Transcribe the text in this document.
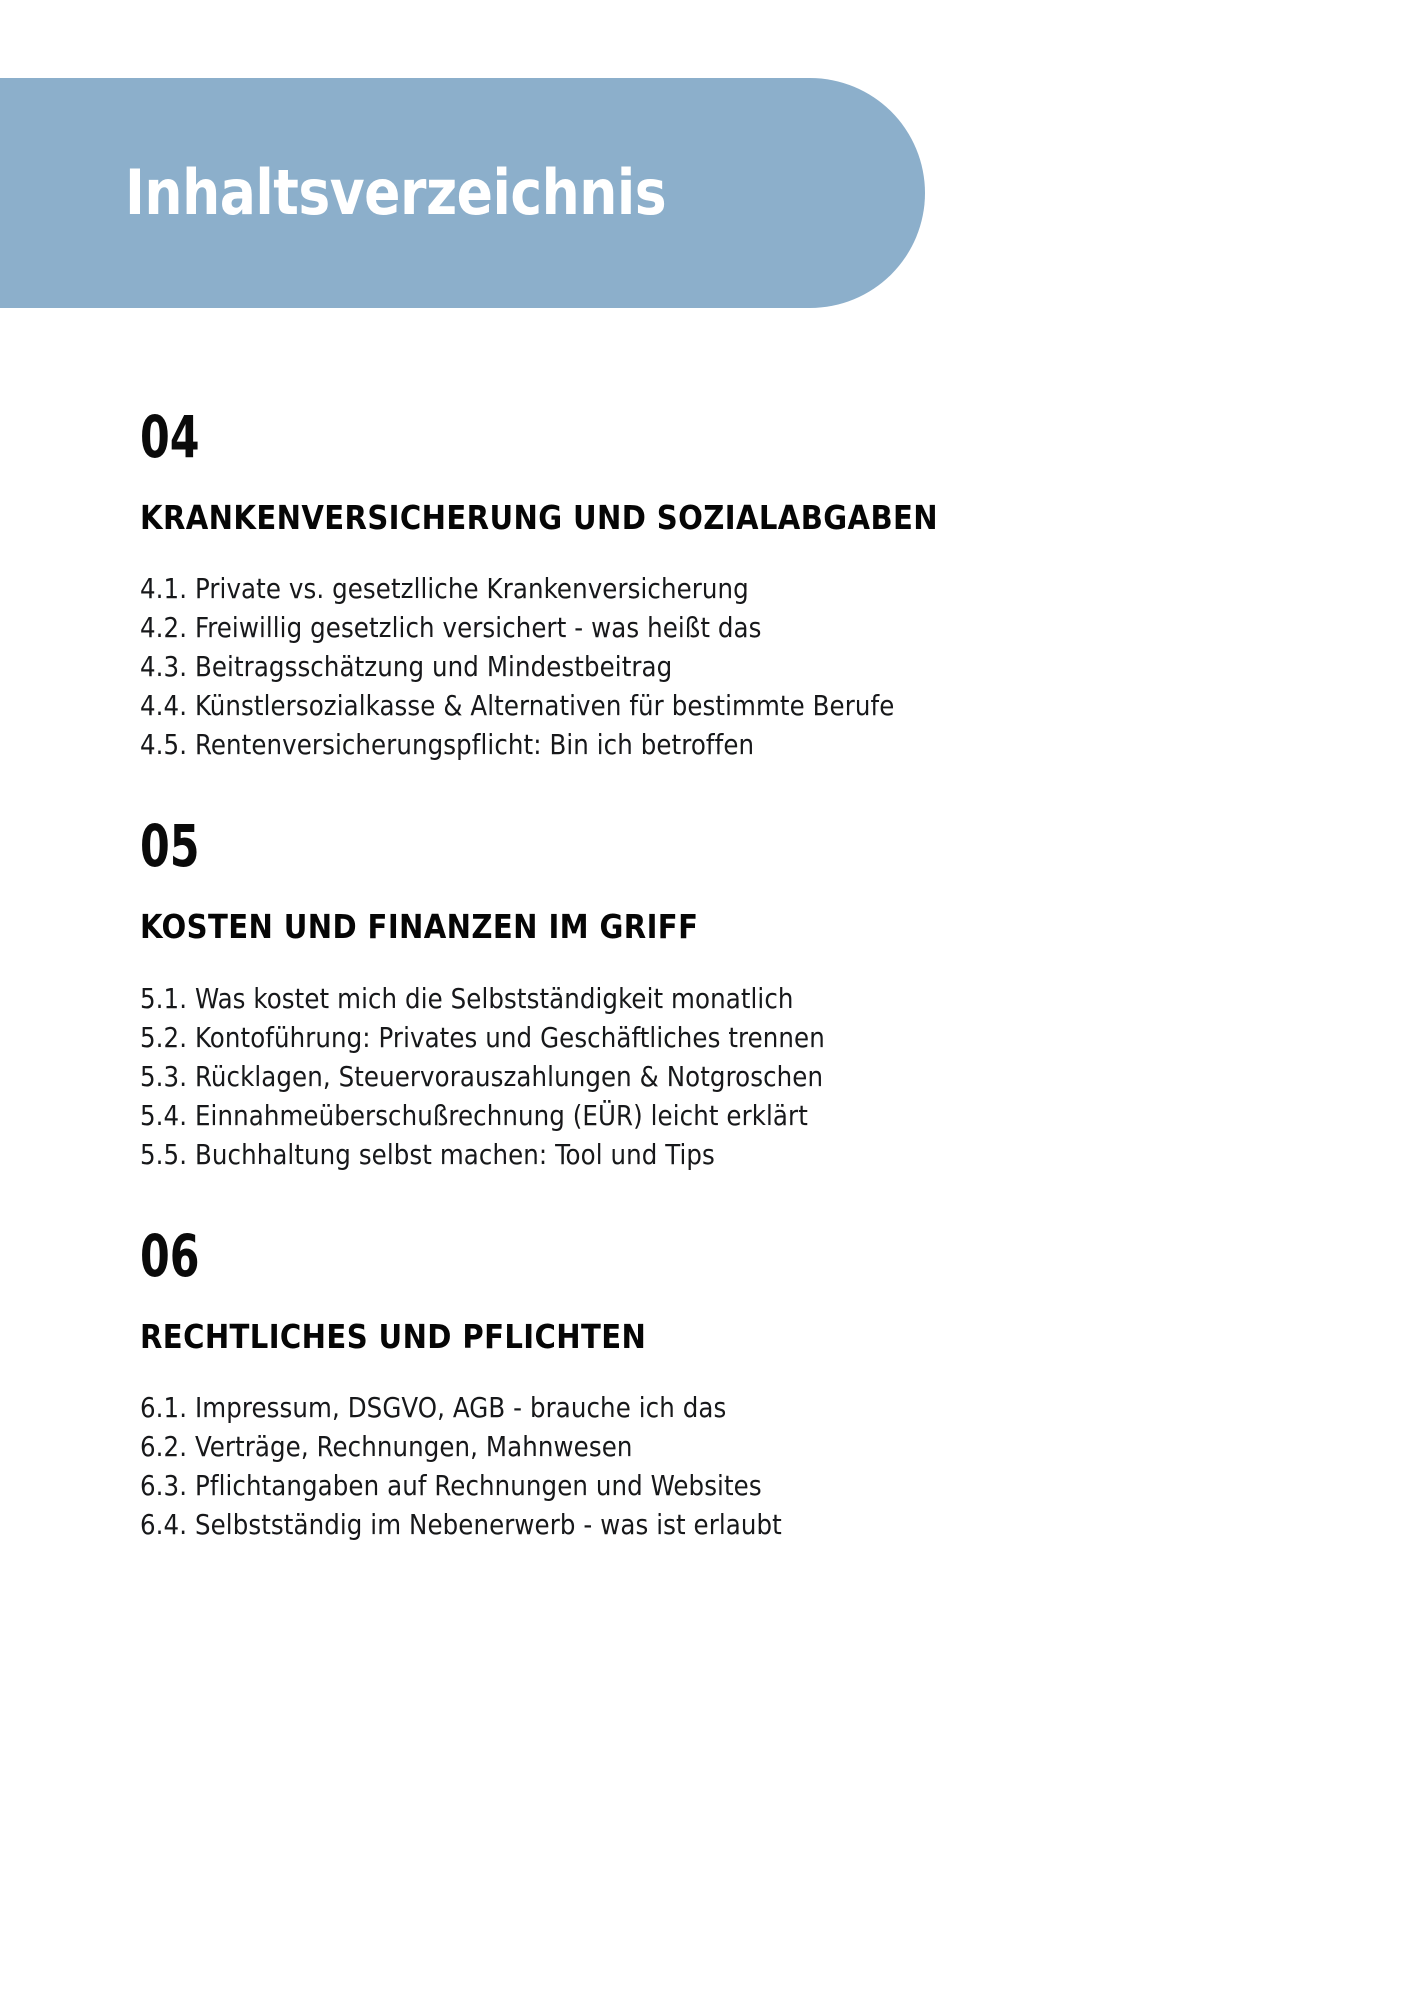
Inhaltsverzeichnis
04
KRANKENVERSICHERUNG UND SOZIALABGABEN
4.1. Private vs. gesetzlliche Krankenversicherung
4.2. Freiwillig gesetzlich versichert - was heißt das
4.3. Beitragsschätzung und Mindestbeitrag
4.4. Künstlersozialkasse & Alternativen für bestimmte Berufe
4.5. Rentenversicherungspflicht: Bin ich betroffen
05
KOSTEN UND FINANZEN IM GRIFF
5.1. Was kostet mich die Selbstständigkeit monatlich
5.2. Kontoführung: Privates und Geschäftliches trennen
5.3. Rücklagen, Steuervorauszahlungen & Notgroschen
5.4. Einnahmeüberschußrechnung (EÜR) leicht erklärt
5.5. Buchhaltung selbst machen: Tool und Tips
06
RECHTLICHES UND PFLICHTEN
6.1. Impressum, DSGVO, AGB - brauche ich das
6.2. Verträge, Rechnungen, Mahnwesen
6.3. Pflichtangaben auf Rechnungen und Websites
6.4. Selbstständig im Nebenerwerb - was ist erlaubt
